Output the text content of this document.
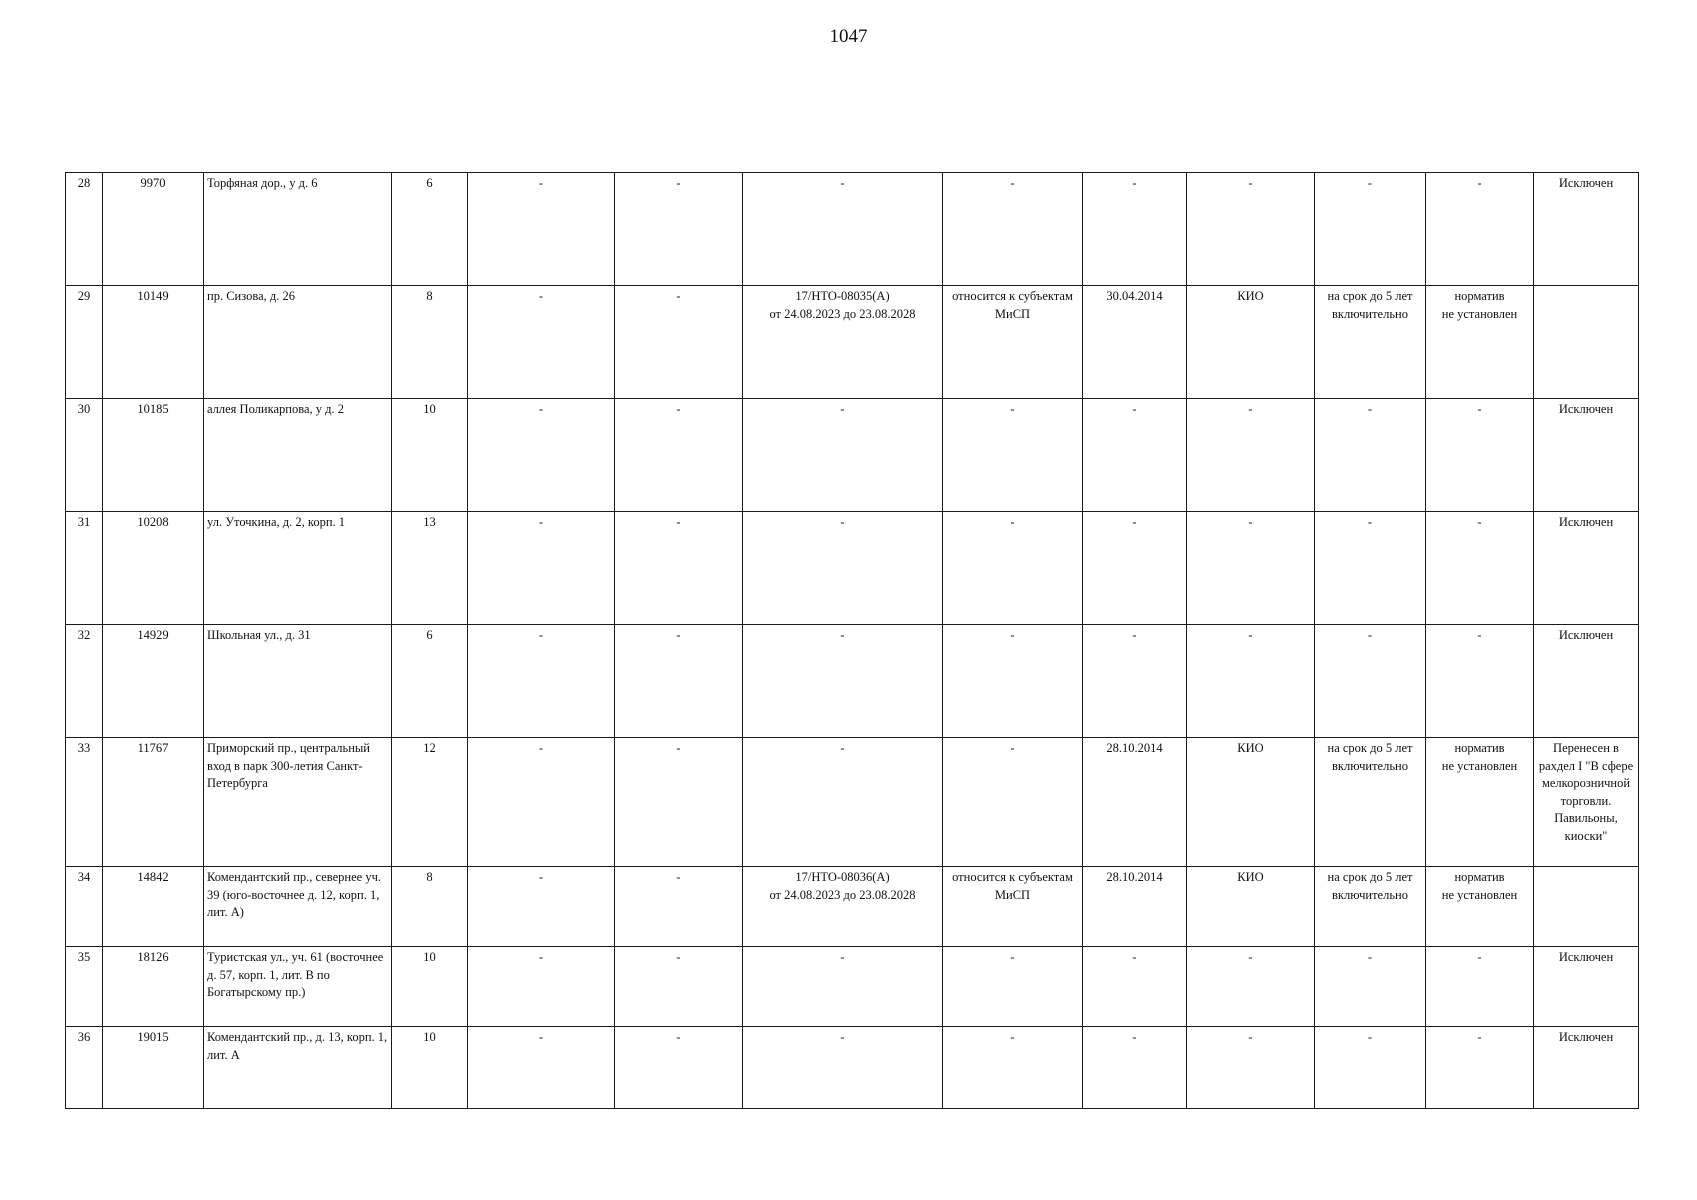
1047
28	9970	Торфяная дор., у д. 6	6	-	-	-	-	-	-	-	-	Исключен
29	10149	пр. Сизова, д. 26	8	-	-	17/НТО-08035(А)
от 24.08.2023 до 23.08.2028	относится к субъектам
МиСП	30.04.2014	КИО	на срок до 5 лет
включительно	норматив
не установлен	
30	10185	аллея Поликарпова, у д. 2	10	-	-	-	-	-	-	-	-	Исключен
31	10208	ул. Уточкина, д. 2, корп. 1	13	-	-	-	-	-	-	-	-	Исключен
32	14929	Школьная ул., д. 31	6	-	-	-	-	-	-	-	-	Исключен
33	11767	Приморский пр., центральный вход в парк 300-летия Санкт-Петербурга	12	-	-	-	-	28.10.2014	КИО	на срок до 5 лет
включительно	норматив
не установлен	Перенесен в рахдел I "В сфере мелкорозничной торговли. Павильоны, киоски"
34	14842	Комендантский пр., севернее уч. 39 (юго-восточнее д. 12, корп. 1, лит. А)	8	-	-	17/НТО-08036(А)
от 24.08.2023 до 23.08.2028	относится к субъектам
МиСП	28.10.2014	КИО	на срок до 5 лет
включительно	норматив
не установлен	
35	18126	Туристская ул., уч. 61 (восточнее д. 57, корп. 1, лит. В по Богатырскому пр.)	10	-	-	-	-	-	-	-	-	Исключен
36	19015	Комендантский пр., д. 13, корп. 1, лит. А	10	-	-	-	-	-	-	-	-	Исключен
